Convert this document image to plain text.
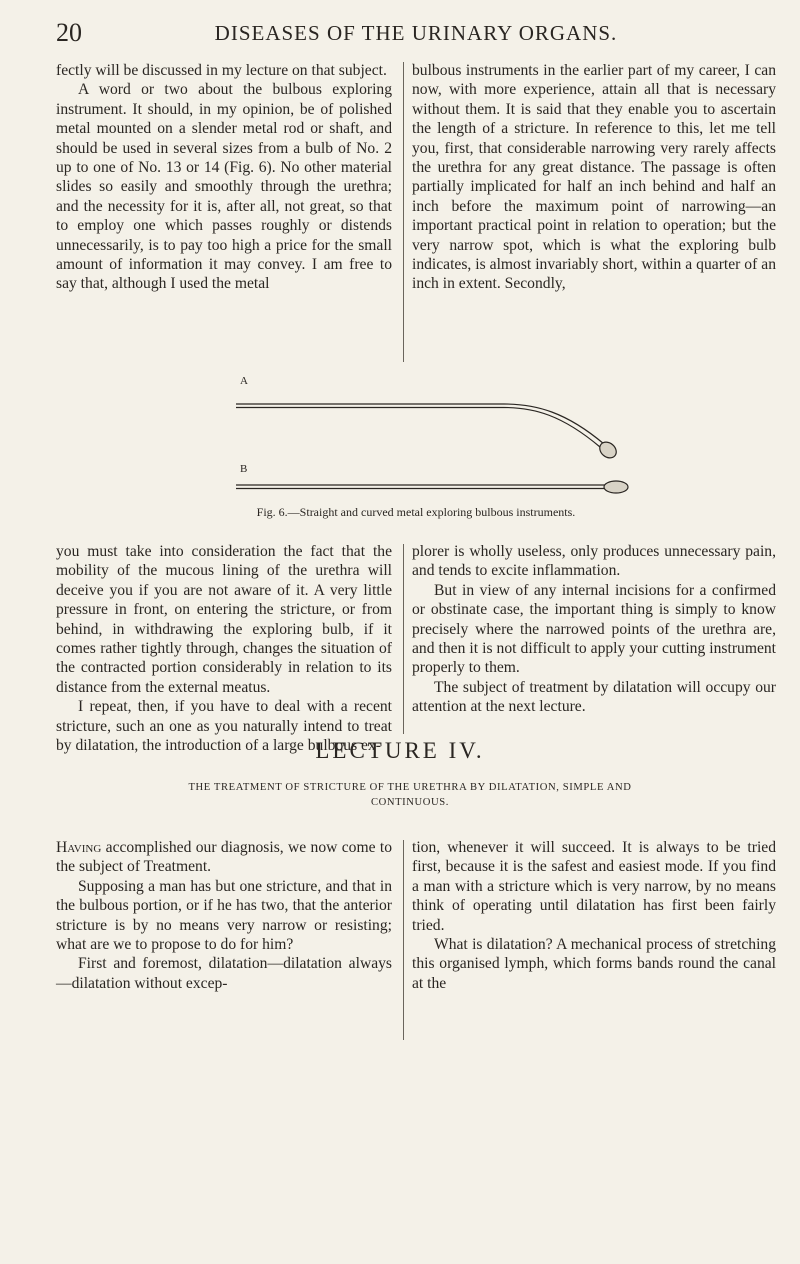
20	DISEASES OF THE URINARY ORGANS.

fectly will be discussed in my lecture on that subject.

A word or two about the bulbous exploring instrument. It should, in my opinion, be of polished metal mounted on a slender metal rod or shaft, and should be used in several sizes from a bulb of No. 2 up to one of No. 13 or 14 (Fig. 6). No other material slides so easily and smoothly through the urethra; and the necessity for it is, after all, not great, so that to employ one which passes roughly or distends unnecessarily, is to pay too high a price for the small amount of information it may convey. I am free to say that, although I used the metal

bulbous instruments in the earlier part of my career, I can now, with more experience, attain all that is necessary without them. It is said that they enable you to ascertain the length of a stricture. In reference to this, let me tell you, first, that considerable narrowing very rarely affects the urethra for any great distance. The passage is often partially implicated for half an inch behind and half an inch before the maximum point of narrowing—an important practical point in relation to operation; but the very narrow spot, which is what the exploring bulb indicates, is almost invariably short, within a quarter of an inch in extent. Secondly,

A
B
Fig. 6.—Straight and curved metal exploring bulbous instruments.

you must take into consideration the fact that the mobility of the mucous lining of the urethra will deceive you if you are not aware of it. A very little pressure in front, on entering the stricture, or from behind, in withdrawing the exploring bulb, if it comes rather tightly through, changes the situation of the contracted portion considerably in relation to its distance from the external meatus.

I repeat, then, if you have to deal with a recent stricture, such an one as you naturally intend to treat by dilatation, the introduction of a large bulbous ex-

plorer is wholly useless, only produces unnecessary pain, and tends to excite inflammation.

But in view of any internal incisions for a confirmed or obstinate case, the important thing is simply to know precisely where the narrowed points of the urethra are, and then it is not difficult to apply your cutting instrument properly to them.

The subject of treatment by dilatation will occupy our attention at the next lecture.

LECTURE IV.
THE TREATMENT OF STRICTURE OF THE URETHRA BY DILATATION, SIMPLE AND CONTINUOUS.

Having accomplished our diagnosis, we now come to the subject of Treatment.

Supposing a man has but one stricture, and that in the bulbous portion, or if he has two, that the anterior stricture is by no means very narrow or resisting; what are we to propose to do for him?

First and foremost, dilatation—dilatation always—dilatation without excep-

tion, whenever it will succeed. It is always to be tried first, because it is the safest and easiest mode. If you find a man with a stricture which is very narrow, by no means think of operating until dilatation has first been fairly tried.

What is dilatation? A mechanical process of stretching this organised lymph, which forms bands round the canal at the
